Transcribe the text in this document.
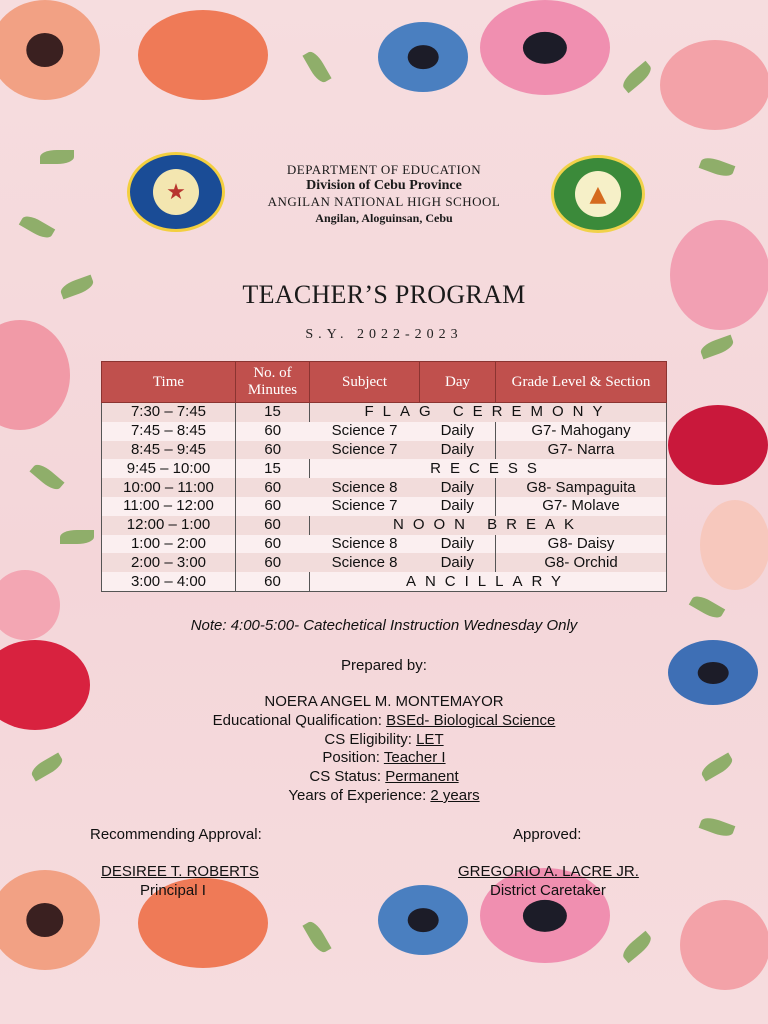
★	▲
DEPARTMENT OF EDUCATION
Division of Cebu Province
ANGILAN NATIONAL HIGH SCHOOL
Angilan, Aloguinsan, Cebu
TEACHER’S PROGRAM
S.Y. 2022-2023
Time	No. of Minutes	Subject	Day	Grade Level & Section
7:30 – 7:45	15	FLAG CEREMONY		
7:45 – 8:45	60	Science 7	Daily	G7- Mahogany
8:45 – 9:45	60	Science 7	Daily	G7- Narra
9:45 – 10:00	15	RECESS		
10:00 – 11:00	60	Science 8	Daily	G8- Sampaguita
11:00 – 12:00	60	Science 7	Daily	G7- Molave
12:00 – 1:00	60	NOON BREAK		
1:00 – 2:00	60	Science 8	Daily	G8- Daisy
2:00 – 3:00	60	Science 8	Daily	G8- Orchid
3:00 – 4:00	60	ANCILLARY		
Note: 4:00-5:00- Catechetical Instruction Wednesday Only
Prepared by:
NOERA ANGEL M. MONTEMAYOR
Educational Qualification: BSEd- Biological Science
CS Eligibility: LET
Position: Teacher I
CS Status: Permanent
Years of Experience: 2 years
Recommending Approval:	Approved:
DESIREE T. ROBERTS
Principal I
GREGORIO A. LACRE JR.
District Caretaker
